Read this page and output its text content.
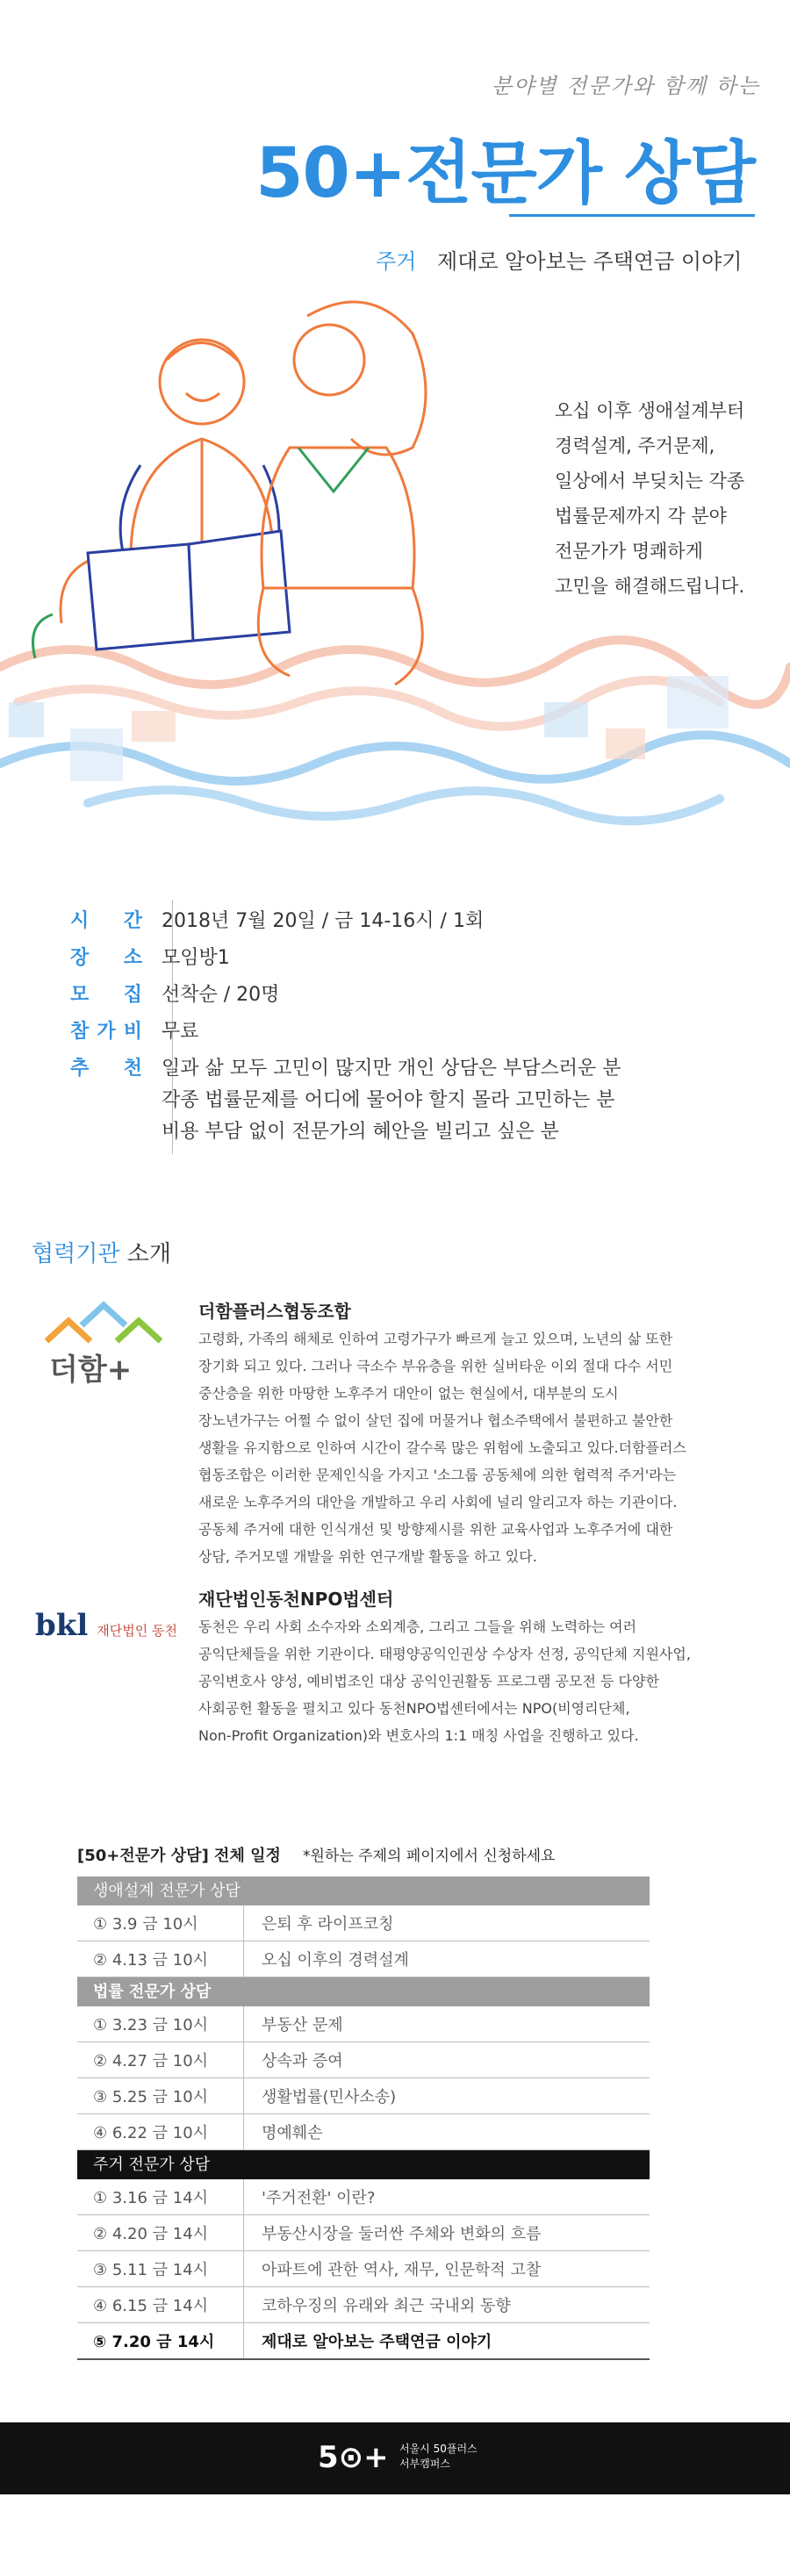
분야별 전문가와 함께 하는
50+전문가 상담
주거 제대로 알아보는 주택연금 이야기
오십 이후 생애설계부터
경력설계, 주거문제,
일상에서 부딪치는 각종
법률문제까지 각 분야
전문가가 명쾌하게
고민을 해결해드립니다.
시 간 2018년 7월 20일 / 금 14-16시 / 1회
장 소 모임방1
모 집 선착순 / 20명
참 가 비 무료
추 천 일과 삶 모두 고민이 많지만 개인 상담은 부담스러운 분
각종 법률문제를 어디에 물어야 할지 몰라 고민하는 분
비용 부담 없이 전문가의 혜안을 빌리고 싶은 분
협력기관 소개
더함+
더함플러스협동조합
고령화, 가족의 해체로 인하여 고령가구가 빠르게 늘고 있으며, 노년의 삶 또한
장기화 되고 있다. 그러나 극소수 부유층을 위한 실버타운 이외 절대 다수 서민
중산층을 위한 마땅한 노후주거 대안이 없는 현실에서, 대부분의 도시
장노년가구는 어쩔 수 없이 살던 집에 머물거나 협소주택에서 불편하고 불안한
생활을 유지함으로 인하여 시간이 갈수록 많은 위험에 노출되고 있다.더함플러스
협동조합은 이러한 문제인식을 가지고 '소그룹 공동체에 의한 협력적 주거'라는
새로운 노후주거의 대안을 개발하고 우리 사회에 널리 알리고자 하는 기관이다.
공동체 주거에 대한 인식개선 및 방향제시를 위한 교육사업과 노후주거에 대한
상담, 주거모델 개발을 위한 연구개발 활동을 하고 있다.
bkl 재단법인 동천
재단법인동천NPO법센터
동천은 우리 사회 소수자와 소외계층, 그리고 그들을 위해 노력하는 여러
공익단체들을 위한 기관이다. 태평양공익인권상 수상자 선정, 공익단체 지원사업,
공익변호사 양성, 예비법조인 대상 공익인권활동 프로그램 공모전 등 다양한
사회공헌 활동을 펼치고 있다 동천NPO법센터에서는 NPO(비영리단체,
Non-Profit Organization)와 변호사의 1:1 매칭 사업을 진행하고 있다.
[50+전문가 상담] 전체 일정 *원하는 주제의 페이지에서 신청하세요
생애설계 전문가 상담
① 3.9 금 10시	은퇴 후 라이프코칭
② 4.13 금 10시	오십 이후의 경력설계
법률 전문가 상담
① 3.23 금 10시	부동산 문제
② 4.27 금 10시	상속과 증여
③ 5.25 금 10시	생활법률(민사소송)
④ 6.22 금 10시	명예훼손
주거 전문가 상담
① 3.16 금 14시	'주거전환' 이란?
② 4.20 금 14시	부동산시장을 둘러싼 주체와 변화의 흐름
③ 5.11 금 14시	아파트에 관한 역사, 재무, 인문학적 고찰
④ 6.15 금 14시	코하우징의 유래와 최근 국내외 동향
⑤ 7.20 금 14시	제대로 알아보는 주택연금 이야기
5⊙+ 서울시 50플러스
서부캠퍼스
